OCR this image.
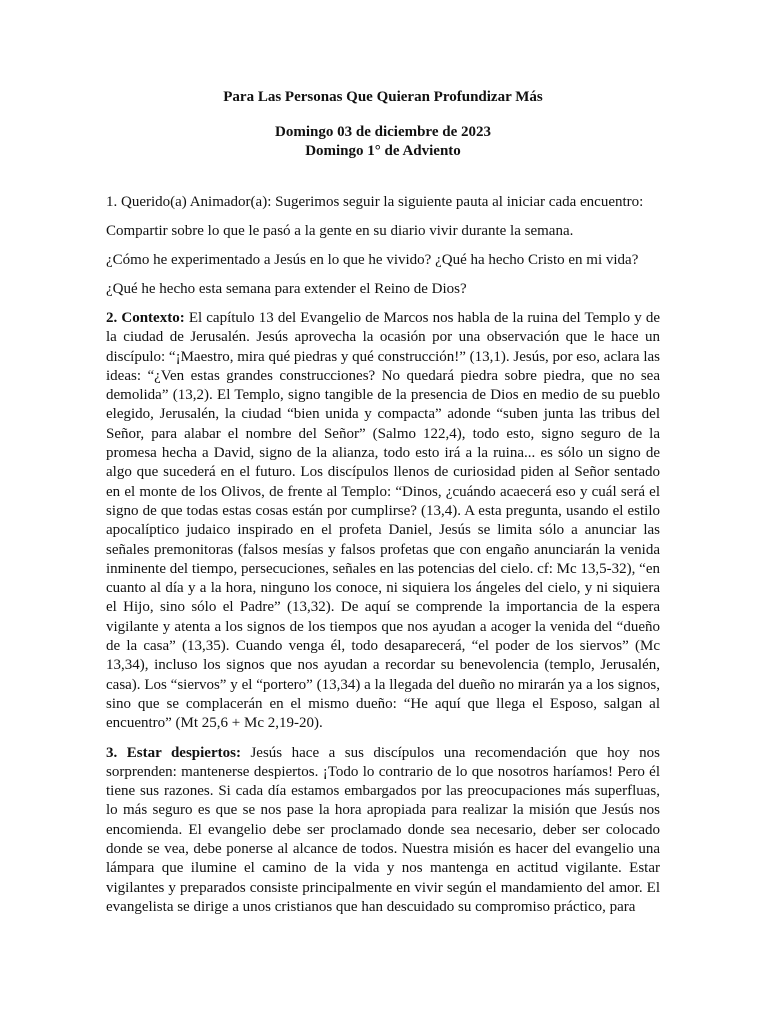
Para Las Personas Que Quieran Profundizar Más

Domingo 03 de diciembre de 2023

Domingo 1° de Adviento

1. Querido(a) Animador(a): Sugerimos seguir la siguiente pauta al iniciar cada encuentro:

Compartir sobre lo que le pasó a la gente en su diario vivir durante la semana.

¿Cómo he experimentado a Jesús en lo que he vivido? ¿Qué ha hecho Cristo en mi vida?

¿Qué he hecho esta semana para extender el Reino de Dios?

2. Contexto: El capítulo 13 del Evangelio de Marcos nos habla de la ruina del Templo y de la ciudad de Jerusalén. Jesús aprovecha la ocasión por una observación que le hace un discípulo: “¡Maestro, mira qué piedras y qué construcción!” (13,1). Jesús, por eso, aclara las ideas: “¿Ven estas grandes construcciones? No quedará piedra sobre piedra, que no sea demolida” (13,2). El Templo, signo tangible de la presencia de Dios en medio de su pueblo elegido, Jerusalén, la ciudad “bien unida y compacta” adonde “suben junta las tribus del Señor, para alabar el nombre del Señor” (Salmo 122,4), todo esto, signo seguro de la promesa hecha a David, signo de la alianza, todo esto irá a la ruina... es sólo un signo de algo que sucederá en el futuro. Los discípulos llenos de curiosidad piden al Señor sentado en el monte de los Olivos, de frente al Templo: “Dinos, ¿cuándo acaecerá eso y cuál será el signo de que todas estas cosas están por cumplirse? (13,4). A esta pregunta, usando el estilo apocalíptico judaico inspirado en el profeta Daniel, Jesús se limita sólo a anunciar las señales premonitoras (falsos mesías y falsos profetas que con engaño anunciarán la venida inminente del tiempo, persecuciones, señales en las potencias del cielo. cf: Mc 13,5-32), “en cuanto al día y a la hora, ninguno los conoce, ni siquiera los ángeles del cielo, y ni siquiera el Hijo, sino sólo el Padre” (13,32). De aquí se comprende la importancia de la espera vigilante y atenta a los signos de los tiempos que nos ayudan a acoger la venida del “dueño de la casa” (13,35). Cuando venga él, todo desaparecerá, “el poder de los siervos” (Mc 13,34), incluso los signos que nos ayudan a recordar su benevolencia (templo, Jerusalén, casa). Los “siervos” y el “portero” (13,34) a la llegada del dueño no mirarán ya a los signos, sino que se complacerán en el mismo dueño: “He aquí que llega el Esposo, salgan al encuentro” (Mt 25,6 + Mc 2,19-20).

3. Estar despiertos: Jesús hace a sus discípulos una recomendación que hoy nos sorprenden: mantenerse despiertos. ¡Todo lo contrario de lo que nosotros haríamos! Pero él tiene sus razones. Si cada día estamos embargados por las preocupaciones más superfluas, lo más seguro es que se nos pase la hora apropiada para realizar la misión que Jesús nos encomienda. El evangelio debe ser proclamado donde sea necesario, deber ser colocado donde se vea, debe ponerse al alcance de todos. Nuestra misión es hacer del evangelio una lámpara que ilumine el camino de la vida y nos mantenga en actitud vigilante. Estar vigilantes y preparados consiste principalmente en vivir según el mandamiento del amor. El evangelista se dirige a unos cristianos que han descuidado su compromiso práctico, para
